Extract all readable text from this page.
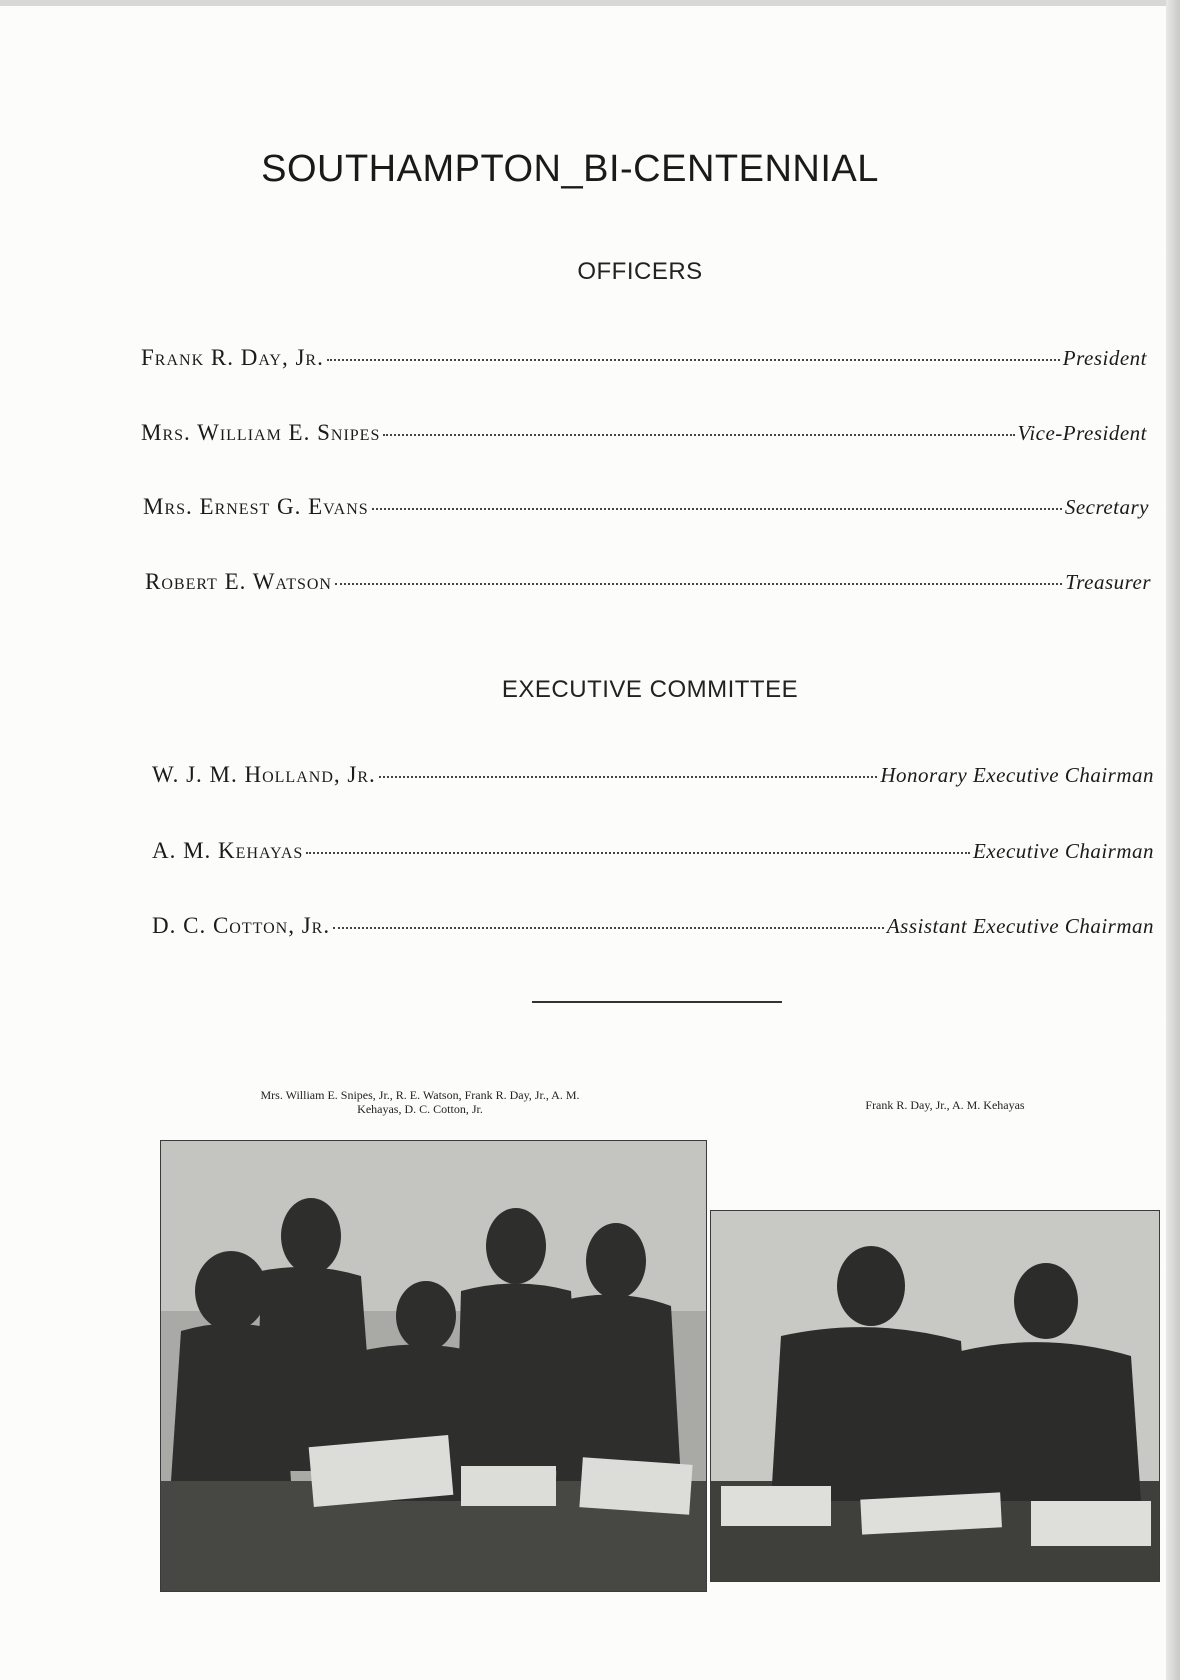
SOUTHAMPTON_BI-CENTENNIAL
OFFICERS
Frank R. Day, Jr.	President
Mrs. William E. Snipes	Vice-President
Mrs. Ernest G. Evans	Secretary
Robert E. Watson	Treasurer
EXECUTIVE COMMITTEE
W. J. M. Holland, Jr.	Honorary Executive Chairman
A. M. Kehayas	Executive Chairman
D. C. Cotton, Jr.	Assistant Executive Chairman
Mrs. William E. Snipes, Jr., R. E. Watson, Frank R. Day, Jr., A. M.
Kehayas, D. C. Cotton, Jr.	Frank R. Day, Jr., A. M. Kehayas
